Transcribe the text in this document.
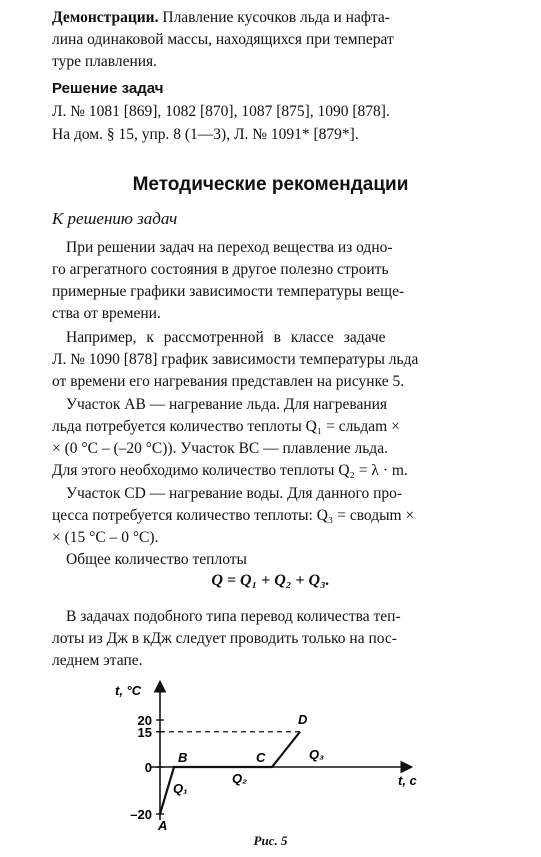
Демонстрации. Плавление кусочков льда и нафта-
лина одинаковой массы, находящихся при температ
туре плавления.
Решение задач
Л. № 1081 [869], 1082 [870], 1087 [875], 1090 [878].
На дом. § 15, упр. 8 (1—3), Л. № 1091* [879*].
Методические рекомендации
К решению задач
При решении задач на переход вещества из одно-
го агрегатного состояния в другое полезно строить
примерные графики зависимости температуры веще-
ства от времени.
Например, к рассмотренной в классе задаче
Л. № 1090 [878] график зависимости температуры льда
от времени его нагревания представлен на рисунке 5.
Участок AB — нагревание льда. Для нагревания
льда потребуется количество теплоты Q₁ = cльдаm ×
× (0 °C – (–20 °C)). Участок BC — плавление льда.
Для этого необходимо количество теплоты Q₂ = λ · m.
Участок CD — нагревание воды. Для данного про-
цесса потребуется количество теплоты: Q₃ = cводыm ×
× (15 °C – 0 °C).
Общее количество теплоты
Q = Q₁ + Q₂ + Q₃.
В задачах подобного типа перевод количества теп-
лоты из Дж в кДж следует проводить только на пос-
леднем этапе.
t, °C
t, c
20
15
0
–20
A
B	C
D
Q₁
Q₂
Q₃
Рис. 5
